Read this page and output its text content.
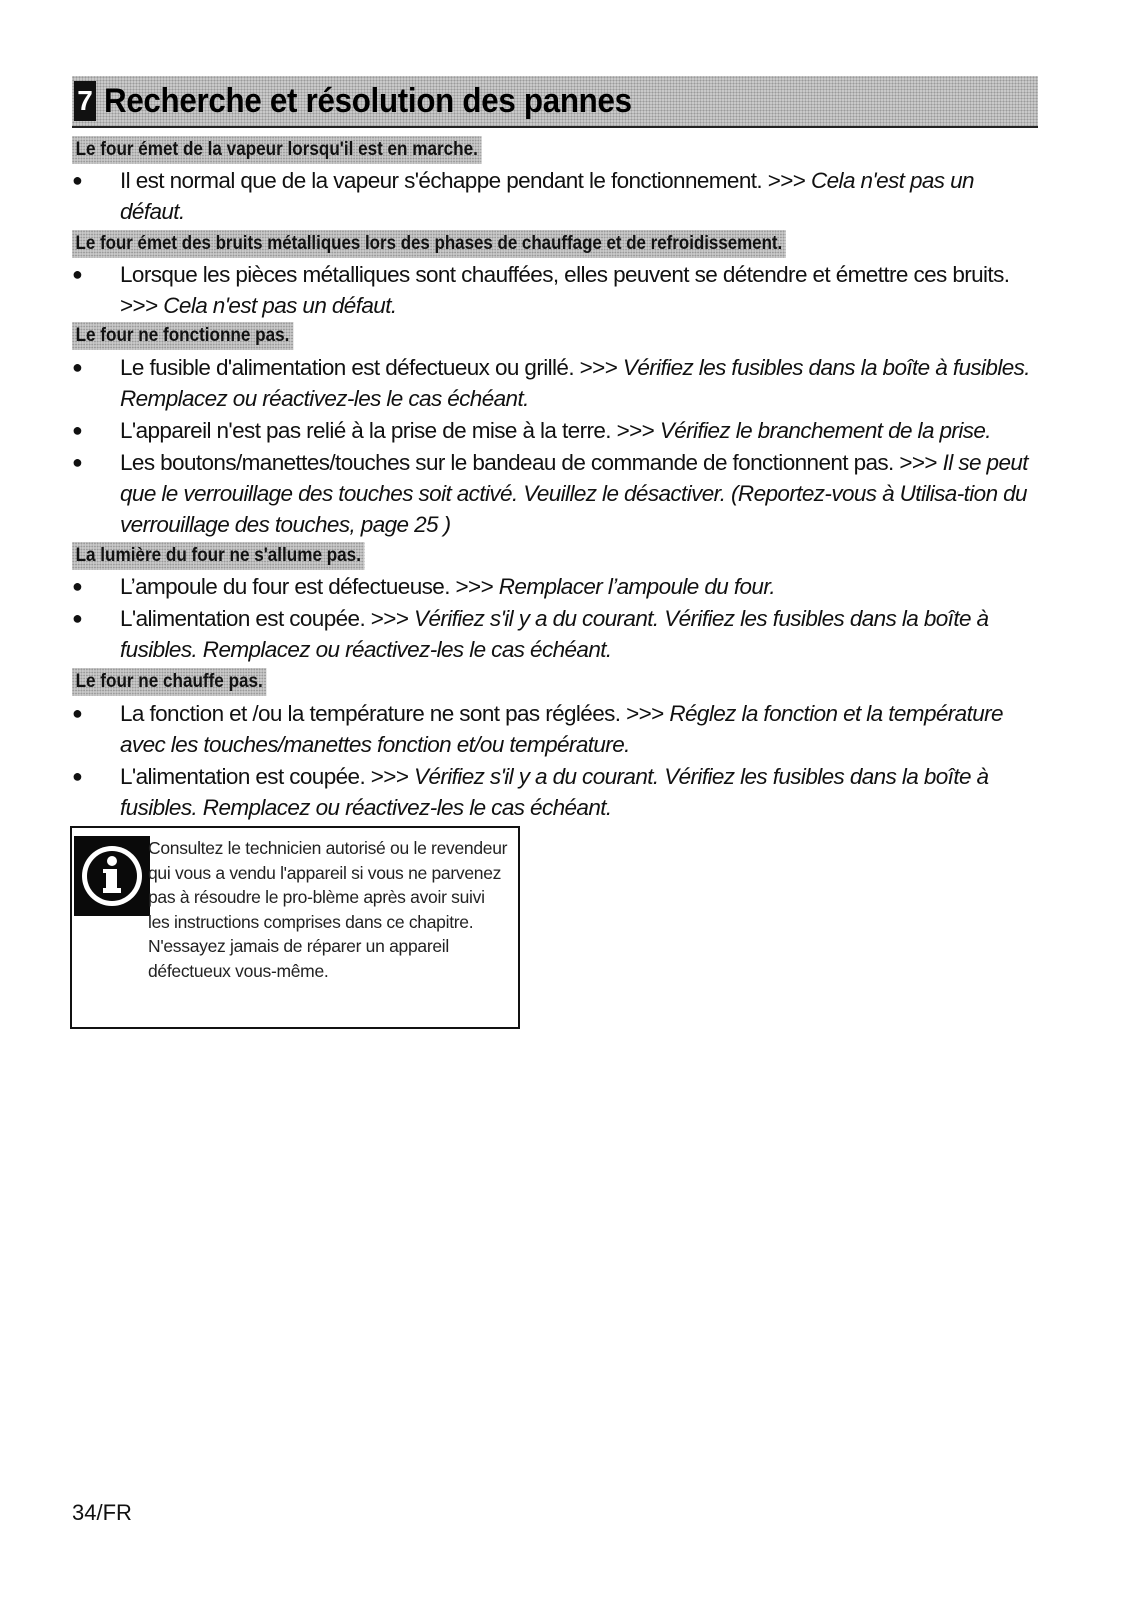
7 Recherche et résolution des pannes
Le four émet de la vapeur lorsqu'il est en marche.
● Il est normal que de la vapeur s'échappe pendant le fonctionnement. >>> Cela n'est pas un défaut.
Le four émet des bruits métalliques lors des phases de chauffage et de refroidissement.
● Lorsque les pièces métalliques sont chauffées, elles peuvent se détendre et émettre ces bruits. >>> Cela n'est pas un défaut.
Le four ne fonctionne pas.
● Le fusible d'alimentation est défectueux ou grillé. >>> Vérifiez les fusibles dans la boîte à fusibles. Remplacez ou réactivez-les le cas échéant.
● L'appareil n'est pas relié à la prise de mise à la terre. >>> Vérifiez le branchement de la prise.
● Les boutons/manettes/touches sur le bandeau de commande de fonctionnent pas. >>> Il se peut que le verrouillage des touches soit activé. Veuillez le désactiver. (Reportez-vous à Utilisa-tion du verrouillage des touches, page 25 )
La lumière du four ne s'allume pas.
● L’ampoule du four est défectueuse. >>> Remplacer l’ampoule du four.
● L'alimentation est coupée. >>> Vérifiez s'il y a du courant. Vérifiez les fusibles dans la boîte à fusibles. Remplacez ou réactivez-les le cas échéant.
Le four ne chauffe pas.
● La fonction et /ou la température ne sont pas réglées. >>> Réglez la fonction et la température avec les touches/manettes fonction et/ou température.
● L'alimentation est coupée. >>> Vérifiez s'il y a du courant. Vérifiez les fusibles dans la boîte à fusibles. Remplacez ou réactivez-les le cas échéant.
Consultez le technicien autorisé ou le revendeur qui vous a vendu l'appareil si vous ne parvenez pas à résoudre le pro-blème après avoir suivi les instructions comprises dans ce chapitre. N'essayez jamais de réparer un appareil défectueux vous-même.
34/FR
